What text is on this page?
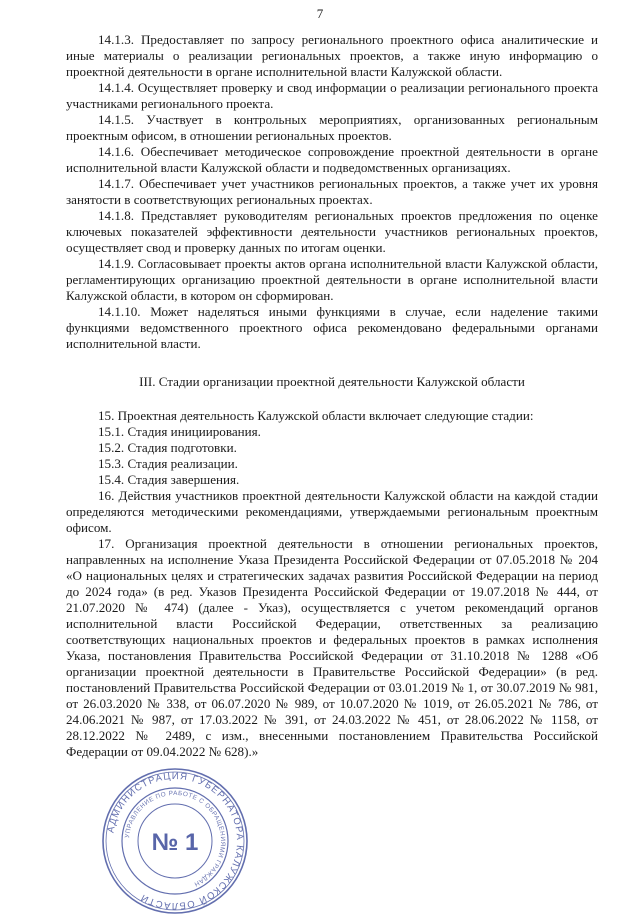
7

14.1.3. Предоставляет по запросу регионального проектного офиса аналитические и иные материалы о реализации региональных проектов, а также иную информацию о проектной деятельности в органе исполнительной власти Калужской области.

14.1.4. Осуществляет проверку и свод информации о реализации регионального проекта участниками регионального проекта.

14.1.5. Участвует в контрольных мероприятиях, организованных региональным проектным офисом, в отношении региональных проектов.

14.1.6. Обеспечивает методическое сопровождение проектной деятельности в органе исполнительной власти Калужской области и подведомственных организациях.

14.1.7. Обеспечивает учет участников региональных проектов, а также учет их уровня занятости в соответствующих региональных проектах.

14.1.8. Представляет руководителям региональных проектов предложения по оценке ключевых показателей эффективности деятельности участников региональных проектов, осуществляет свод и проверку данных по итогам оценки.

14.1.9. Согласовывает проекты актов органа исполнительной власти Калужской области, регламентирующих организацию проектной деятельности в органе исполнительной власти Калужской области, в котором он сформирован.

14.1.10. Может наделяться иными функциями в случае, если наделение такими функциями ведомственного проектного офиса рекомендовано федеральными органами исполнительной власти.

III. Стадии организации проектной деятельности Калужской области

15. Проектная деятельность Калужской области включает следующие стадии:

15.1. Стадия инициирования.

15.2. Стадия подготовки.

15.3. Стадия реализации.

15.4. Стадия завершения.

16. Действия участников проектной деятельности Калужской области на каждой стадии определяются методическими рекомендациями, утверждаемыми региональным проектным офисом.

17. Организация проектной деятельности в отношении региональных проектов, направленных на исполнение Указа Президента Российской Федерации от 07.05.2018 № 204 «О национальных целях и стратегических задачах развития Российской Федерации на период до 2024 года» (в ред. Указов Президента Российской Федерации от 19.07.2018 № 444, от 21.07.2020 № 474) (далее - Указ), осуществляется с учетом рекомендаций органов исполнительной власти Российской Федерации, ответственных за реализацию соответствующих национальных проектов и федеральных проектов в рамках исполнения Указа, постановления Правительства Российской Федерации от 31.10.2018 № 1288 «Об организации проектной деятельности в Правительстве Российской Федерации» (в ред. постановлений Правительства Российской Федерации от 03.01.2019 № 1, от 30.07.2019 № 981, от 26.03.2020 № 338, от 06.07.2020 № 989, от 10.07.2020 № 1019, от 26.05.2021 № 786, от 24.06.2021 № 987, от 17.03.2022 № 391, от 24.03.2022 № 451, от 28.06.2022 № 1158, от 28.12.2022 № 2489, с изм., внесенными постановлением Правительства Российской Федерации от 09.04.2022 № 628).»

АДМИНИСТРАЦИЯ ГУБЕРНАТОРА КАЛУЖСКОЙ ОБЛАСТИ
УПРАВЛЕНИЕ ПО РАБОТЕ С ОБРАЩЕНИЯМИ ГРАЖДАН
№ 1
